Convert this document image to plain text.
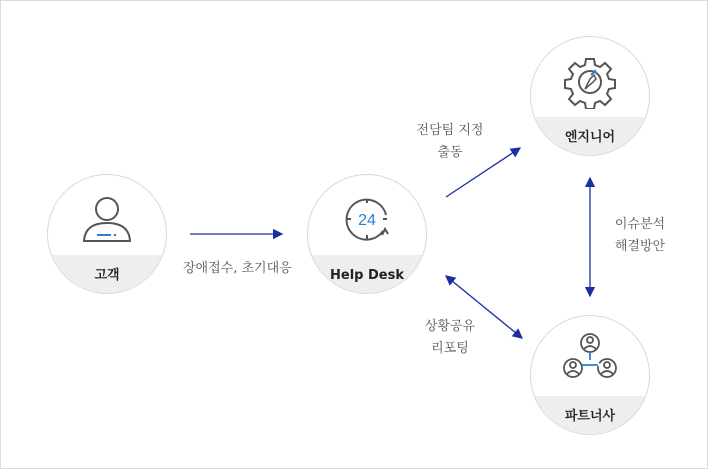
고객
24
Help Desk
엔지니어
파트너사
장애접수, 초기대응
전담팀 지정
출동
이슈분석
해결방안
상황공유
리포팅
